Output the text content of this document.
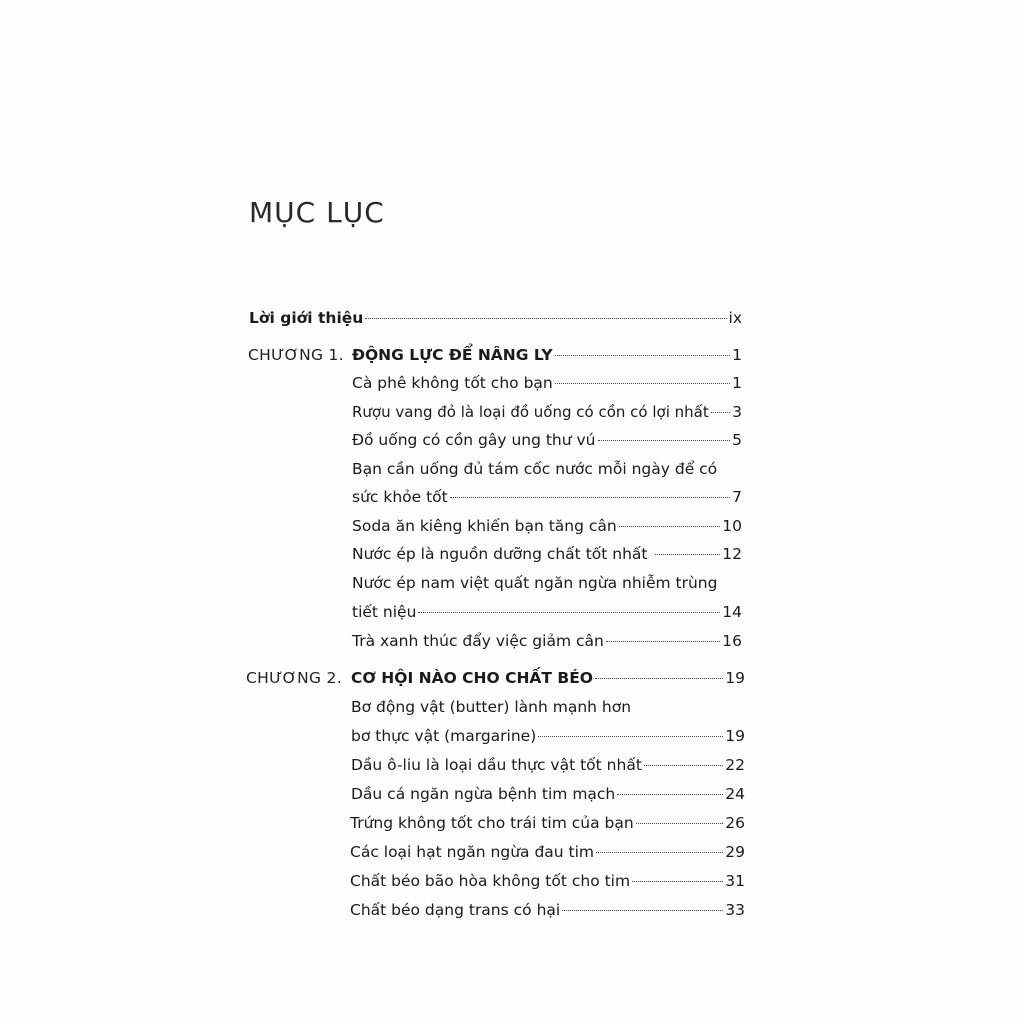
MỤC LỤC
Lời giới thiệu	ix
CHƯƠNG 1. ĐỘNG LỰC ĐỂ NÂNG LY	1
Cà phê không tốt cho bạn	1
Rượu vang đỏ là loại đồ uống có cồn có lợi nhất 3
Đồ uống có cồn gây ung thư vú	5
Bạn cần uống đủ tám cốc nước mỗi ngày để có
sức khỏe tốt	7
Soda ăn kiêng khiến bạn tăng cân	10
Nước ép là nguồn dưỡng chất tốt nhất	12
Nước ép nam việt quất ngăn ngừa nhiễm trùng
tiết niệu	14
Trà xanh thúc đẩy việc giảm cân	16
CHƯƠNG 2. CƠ HỘI NÀO CHO CHẤT BÉO	19
Bơ động vật (butter) lành mạnh hơn
bơ thực vật (margarine)	19
Dầu ô-liu là loại dầu thực vật tốt nhất	22
Dầu cá ngăn ngừa bệnh tim mạch	24
Trứng không tốt cho trái tim của bạn	26
Các loại hạt ngăn ngừa đau tim	29
Chất béo bão hòa không tốt cho tim	31
Chất béo dạng trans có hại	33
